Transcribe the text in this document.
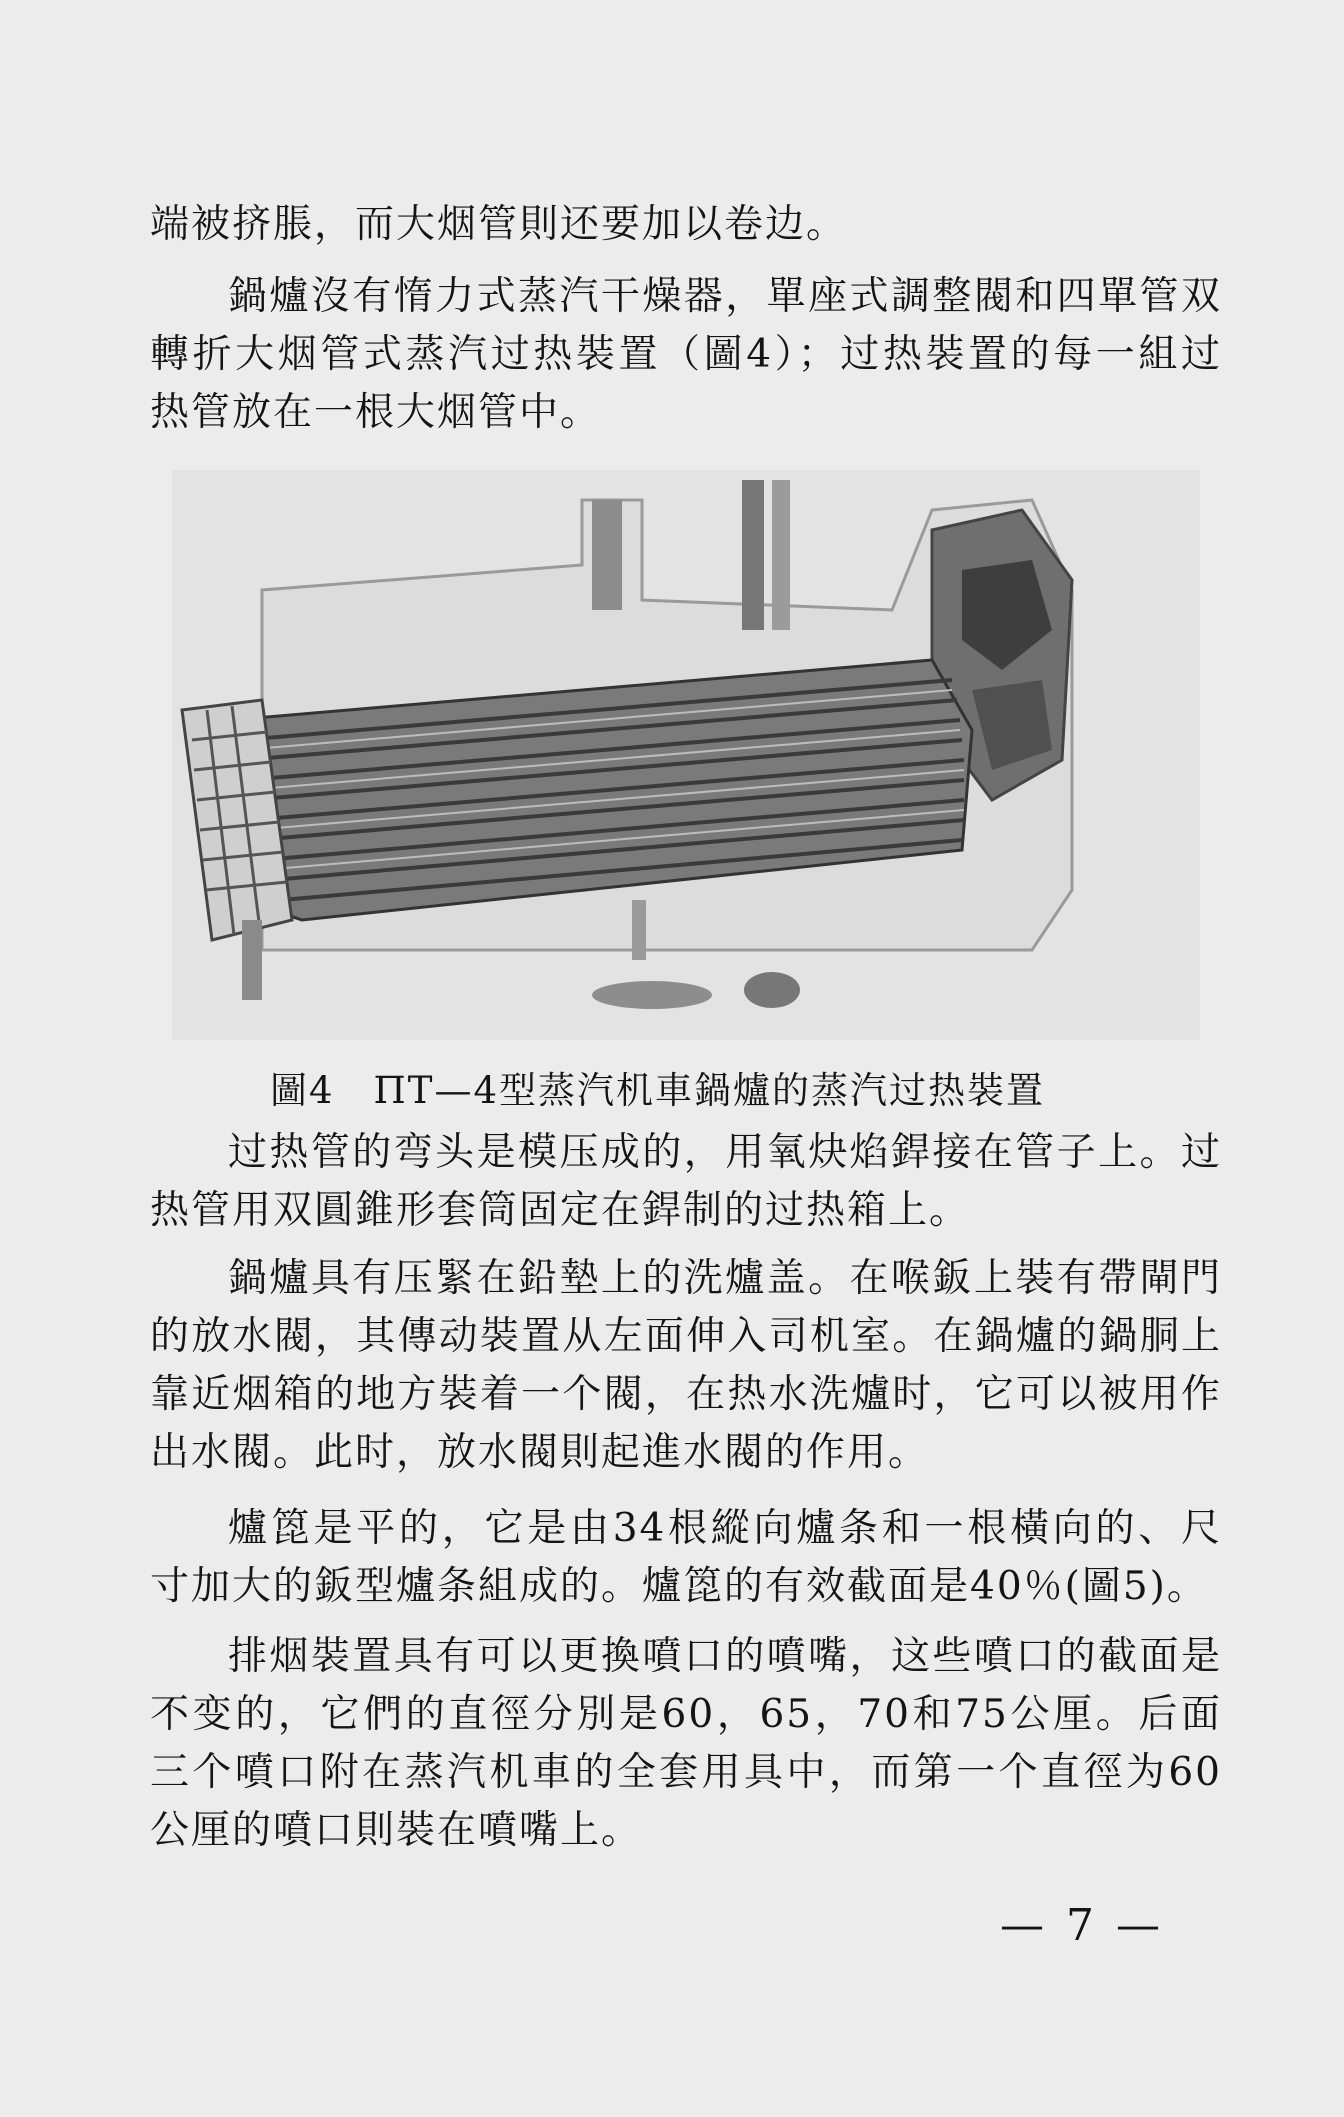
端被挤脹，而大烟管則还要加以卷边。

鍋爐沒有惰力式蒸汽干燥器，單座式調整閥和四單管双轉折大烟管式蒸汽过热裝置（圖4）；过热裝置的每一組过热管放在一根大烟管中。

圖4　ПТ—4型蒸汽机車鍋爐的蒸汽过热裝置

过热管的弯头是模压成的，用氧炔焰銲接在管子上。过热管用双圓錐形套筒固定在銲制的过热箱上。

鍋爐具有压緊在鉛墊上的洗爐盖。在喉鈑上裝有帶閘門的放水閥，其傳动裝置从左面伸入司机室。在鍋爐的鍋胴上靠近烟箱的地方裝着一个閥，在热水洗爐时，它可以被用作出水閥。此时，放水閥則起進水閥的作用。

爐箆是平的，它是由34根縱向爐条和一根橫向的、尺寸加大的鈑型爐条組成的。爐箆的有效截面是40％(圖5)。

排烟裝置具有可以更換噴口的噴嘴，这些噴口的截面是不变的，它們的直徑分別是60，65，70和75公厘。后面三个噴口附在蒸汽机車的全套用具中，而第一个直徑为60公厘的噴口則裝在噴嘴上。

— 7 —
